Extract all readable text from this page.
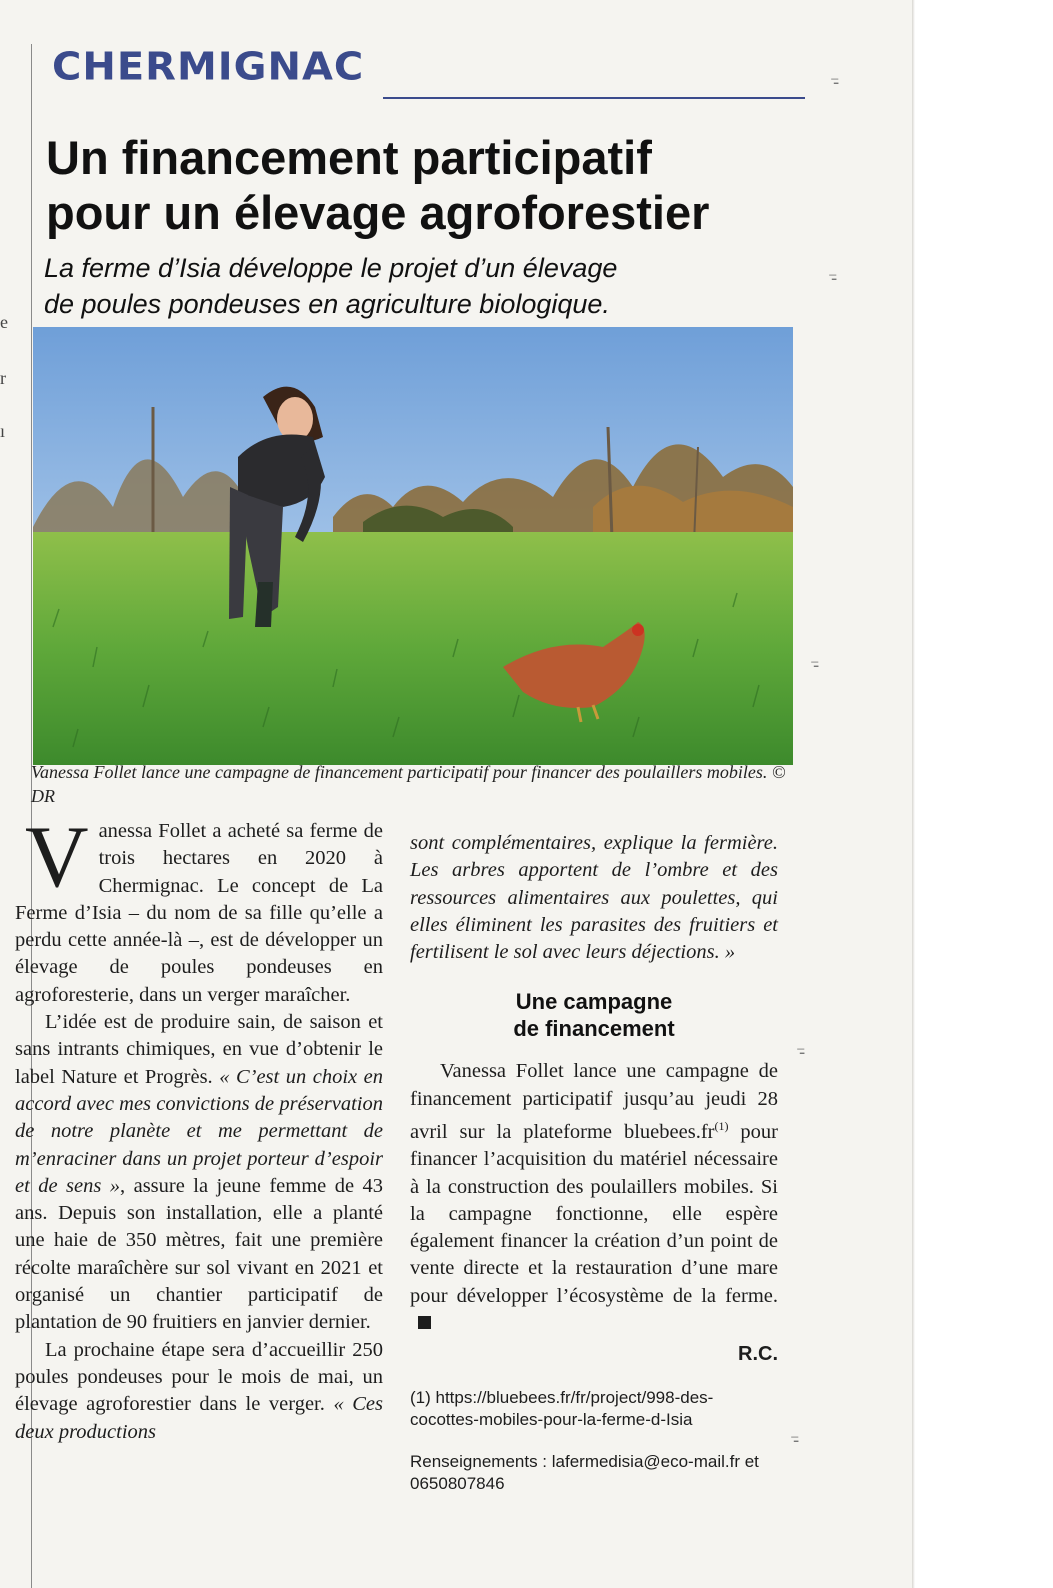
e
r
ı
CHERMIGNAC
Un financement participatif
pour un élevage agroforestier

La ferme d’Isia développe le projet d’un élevage
de poules pondeuses en agriculture biologique.

Vanessa Follet lance une campagne de financement participatif pour financer des poulaillers mobiles. © DR

Vanessa Follet a acheté sa ferme de trois hectares en 2020 à Chermignac. Le concept de La Ferme d’Isia – du nom de sa fille qu’elle a perdu cette année-là –, est de développer un élevage de poules pondeuses en agroforesterie, dans un verger maraîcher.

L’idée est de produire sain, de saison et sans intrants chimiques, en vue d’obtenir le label Nature et Progrès. « C’est un choix en accord avec mes convictions de préservation de notre planète et me permettant de m’enraciner dans un projet porteur d’espoir et de sens », assure la jeune femme de 43 ans. Depuis son installation, elle a planté une haie de 350 mètres, fait une première récolte maraîchère sur sol vivant en 2021 et organisé un chantier participatif de plantation de 90 fruitiers en janvier dernier.

La prochaine étape sera d’accueillir 250 poules pondeuses pour le mois de mai, un élevage agroforestier dans le verger. « Ces deux productions

sont complémentaires, explique la fermière. Les arbres apportent de l’ombre et des ressources alimentaires aux poulettes, qui elles éliminent les parasites des fruitiers et fertilisent le sol avec leurs déjections. »

Une campagne
de financement

Vanessa Follet lance une campagne de financement participatif jusqu’au jeudi 28 avril sur la plateforme $bluebees.fr^{(1)}$ pour financer l’acquisition du matériel nécessaire à la construction des poulaillers mobiles. Si la campagne fonctionne, elle espère également financer la création d’un point de vente directe et la restauration d’une mare pour développer l’écosystème de la ferme.

R.C.

(1) https://bluebees.fr/fr/project/998-des-cocottes-mobiles-pour-la-ferme-d-Isia

Renseignements : lafermedisia@eco-mail.fr et 0650807846

⁻̵
⁻̵
⁻̵
⁻̵
⁻̵
